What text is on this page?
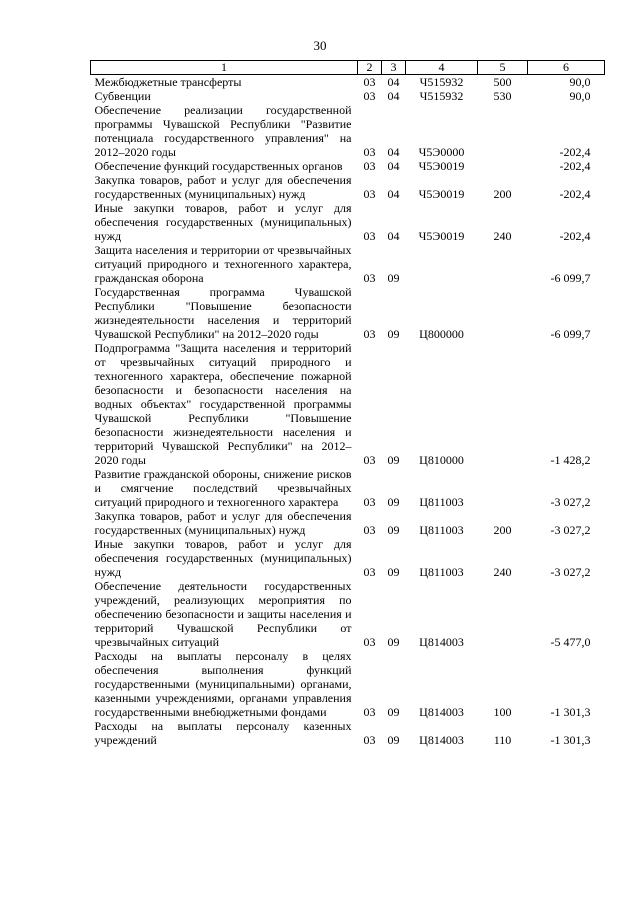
30
1	2	3	4	5	6
Межбюджетные трансферты	03	04	Ч515932	500	90,0
Субвенции	03	04	Ч515932	530	90,0
Обеспечение реализации государственной программы Чувашской Республики "Развитие потенциала государственного управления" на 2012–2020 годы	03	04	Ч5Э0000		-202,4
Обеспечение функций государственных органов	03	04	Ч5Э0019		-202,4
Закупка товаров, работ и услуг для обеспечения государственных (муниципальных) нужд	03	04	Ч5Э0019	200	-202,4
Иные закупки товаров, работ и услуг для обеспечения государственных (муниципальных) нужд	03	04	Ч5Э0019	240	-202,4
Защита населения и территории от чрезвычайных ситуаций природного и техногенного характера, гражданская оборона	03	09			-6 099,7
Государственная программа Чувашской Республики "Повышение безопасности жизнедеятельности населения и территорий Чувашской Республики" на 2012–2020 годы	03	09	Ц800000		-6 099,7
Подпрограмма "Защита населения и территорий от чрезвычайных ситуаций природного и техногенного характера, обеспечение пожарной безопасности и безопасности населения на водных объектах" государственной программы Чувашской Республики "Повышение безопасности жизнедеятельности населения и территорий Чувашской Республики" на 2012–2020 годы	03	09	Ц810000		-1 428,2
Развитие гражданской обороны, снижение рисков и смягчение последствий чрезвычайных ситуаций природного и техногенного характера	03	09	Ц811003		-3 027,2
Закупка товаров, работ и услуг для обеспечения государственных (муниципальных) нужд	03	09	Ц811003	200	-3 027,2
Иные закупки товаров, работ и услуг для обеспечения государственных (муниципальных) нужд	03	09	Ц811003	240	-3 027,2
Обеспечение деятельности государственных учреждений, реализующих мероприятия по обеспечению безопасности и защиты населения и территорий Чувашской Республики от чрезвычайных ситуаций	03	09	Ц814003		-5 477,0
Расходы на выплаты персоналу в целях обеспечения выполнения функций государственными (муниципальными) органами, казенными учреждениями, органами управления государственными внебюджетными фондами	03	09	Ц814003	100	-1 301,3
Расходы на выплаты персоналу казенных учреждений	03	09	Ц814003	110	-1 301,3
